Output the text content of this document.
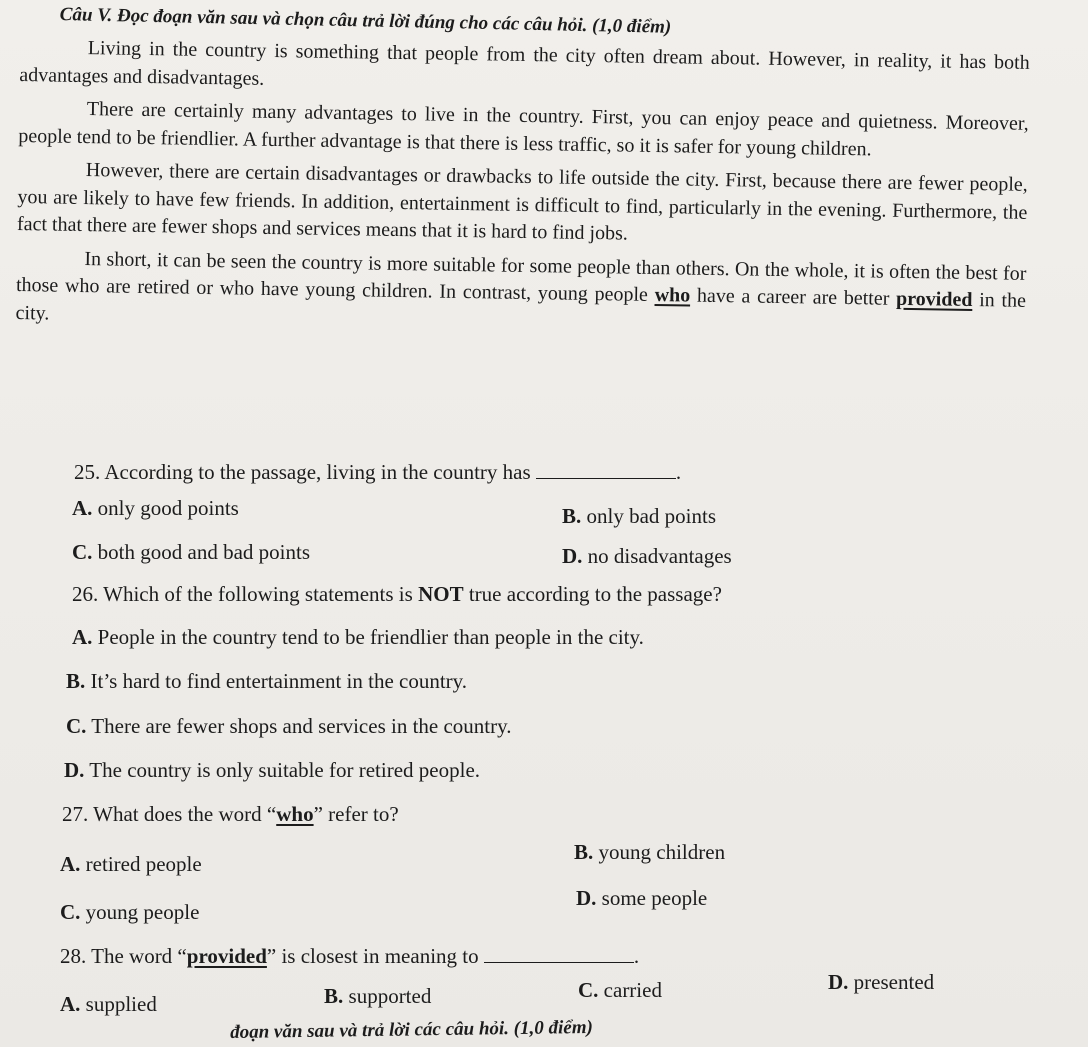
Câu V. Đọc đoạn văn sau và chọn câu trả lời đúng cho các câu hỏi. (1,0 điểm)

Living in the country is something that people from the city often dream about. However, in reality, it has both advantages and disadvantages.

There are certainly many advantages to live in the country. First, you can enjoy peace and quietness. Moreover, people tend to be friendlier. A further advantage is that there is less traffic, so it is safer for young children.

However, there are certain disadvantages or drawbacks to life outside the city. First, because there are fewer people, you are likely to have few friends. In addition, entertainment is difficult to find, particularly in the evening. Furthermore, the fact that there are fewer shops and services means that it is hard to find jobs.

In short, it can be seen the country is more suitable for some people than others. On the whole, it is often the best for those who are retired or who have young children. In contrast, young people who have a career are better provided in the city.

25. According to the passage, living in the country has	.
A. only good points	B. only bad points
C. both good and bad points	D. no disadvantages
26. Which of the following statements is NOT true according to the passage?
A. People in the country tend to be friendlier than people in the city.
B. It’s hard to find entertainment in the country.
C. There are fewer shops and services in the country.
D. The country is only suitable for retired people.
27. What does the word “who” refer to?
A. retired people	B. young children
C. young people
D. some people
28. The word “provided” is closest in meaning to	.
A. supplied	B. supported	C. carried	D. presented
đoạn văn sau và trả lời các câu hỏi. (1,0 điểm)
